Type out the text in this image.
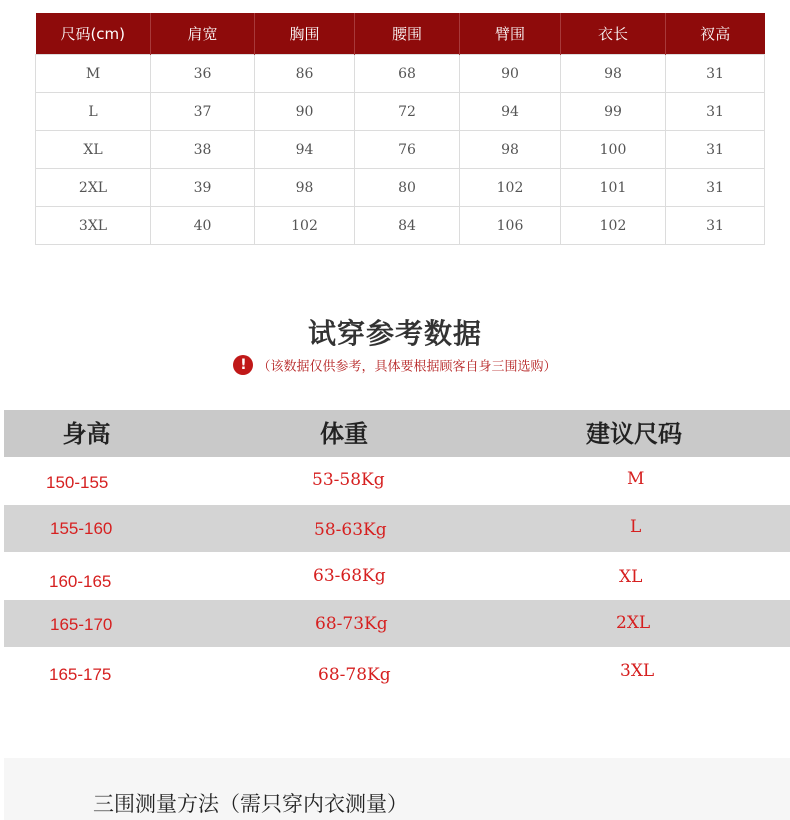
尺码(cm)	肩宽	胸围	腰围	臂围	衣长	衩高
M	36	86	68	90	98	31
L	37	90	72	94	99	31
XL	38	94	76	98	100	31
2XL	39	98	80	102	101	31
3XL	40	102	84	106	102	31
试穿参考数据
! （该数据仅供参考，具体要根据顾客自身三围选购）
身高	体重	建议尺码
150-155	53-58Kg	M
155-160	58-63Kg	L
160-165	63-68Kg	XL
165-170	68-73Kg	2XL
165-175	68-78Kg	3XL
三围测量方法（需只穿内衣测量）
